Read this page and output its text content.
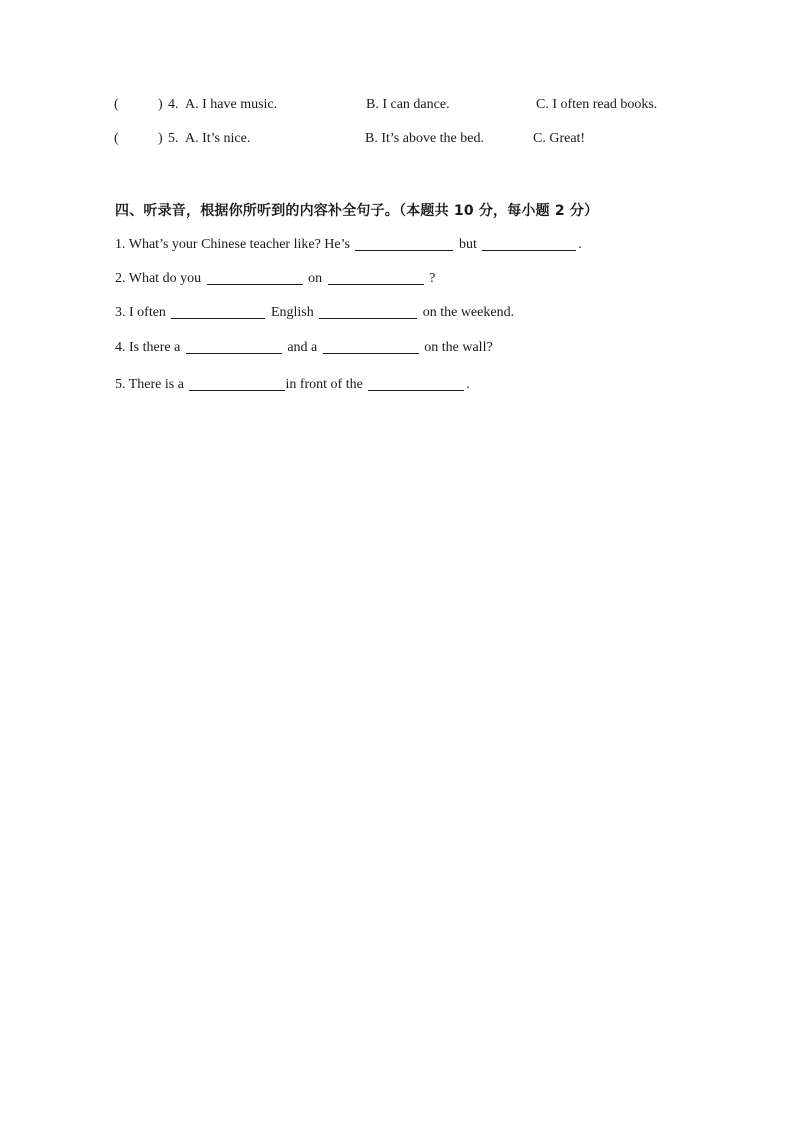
(	) 4. A. I have music.	B. I can dance.	C. I often read books.
(	) 5. A. It’s nice.	B. It’s above the bed.	C. Great!
四、听录音，根据你所听到的内容补全句子。（本题共 10 分，每小题 2 分）
1. What’s your Chinese teacher like? He’s	but	.
2. What do you	on	?
3. I often	English	on the weekend.
4. Is there a	and a	on the wall?
5. There is a	in front of the	.
